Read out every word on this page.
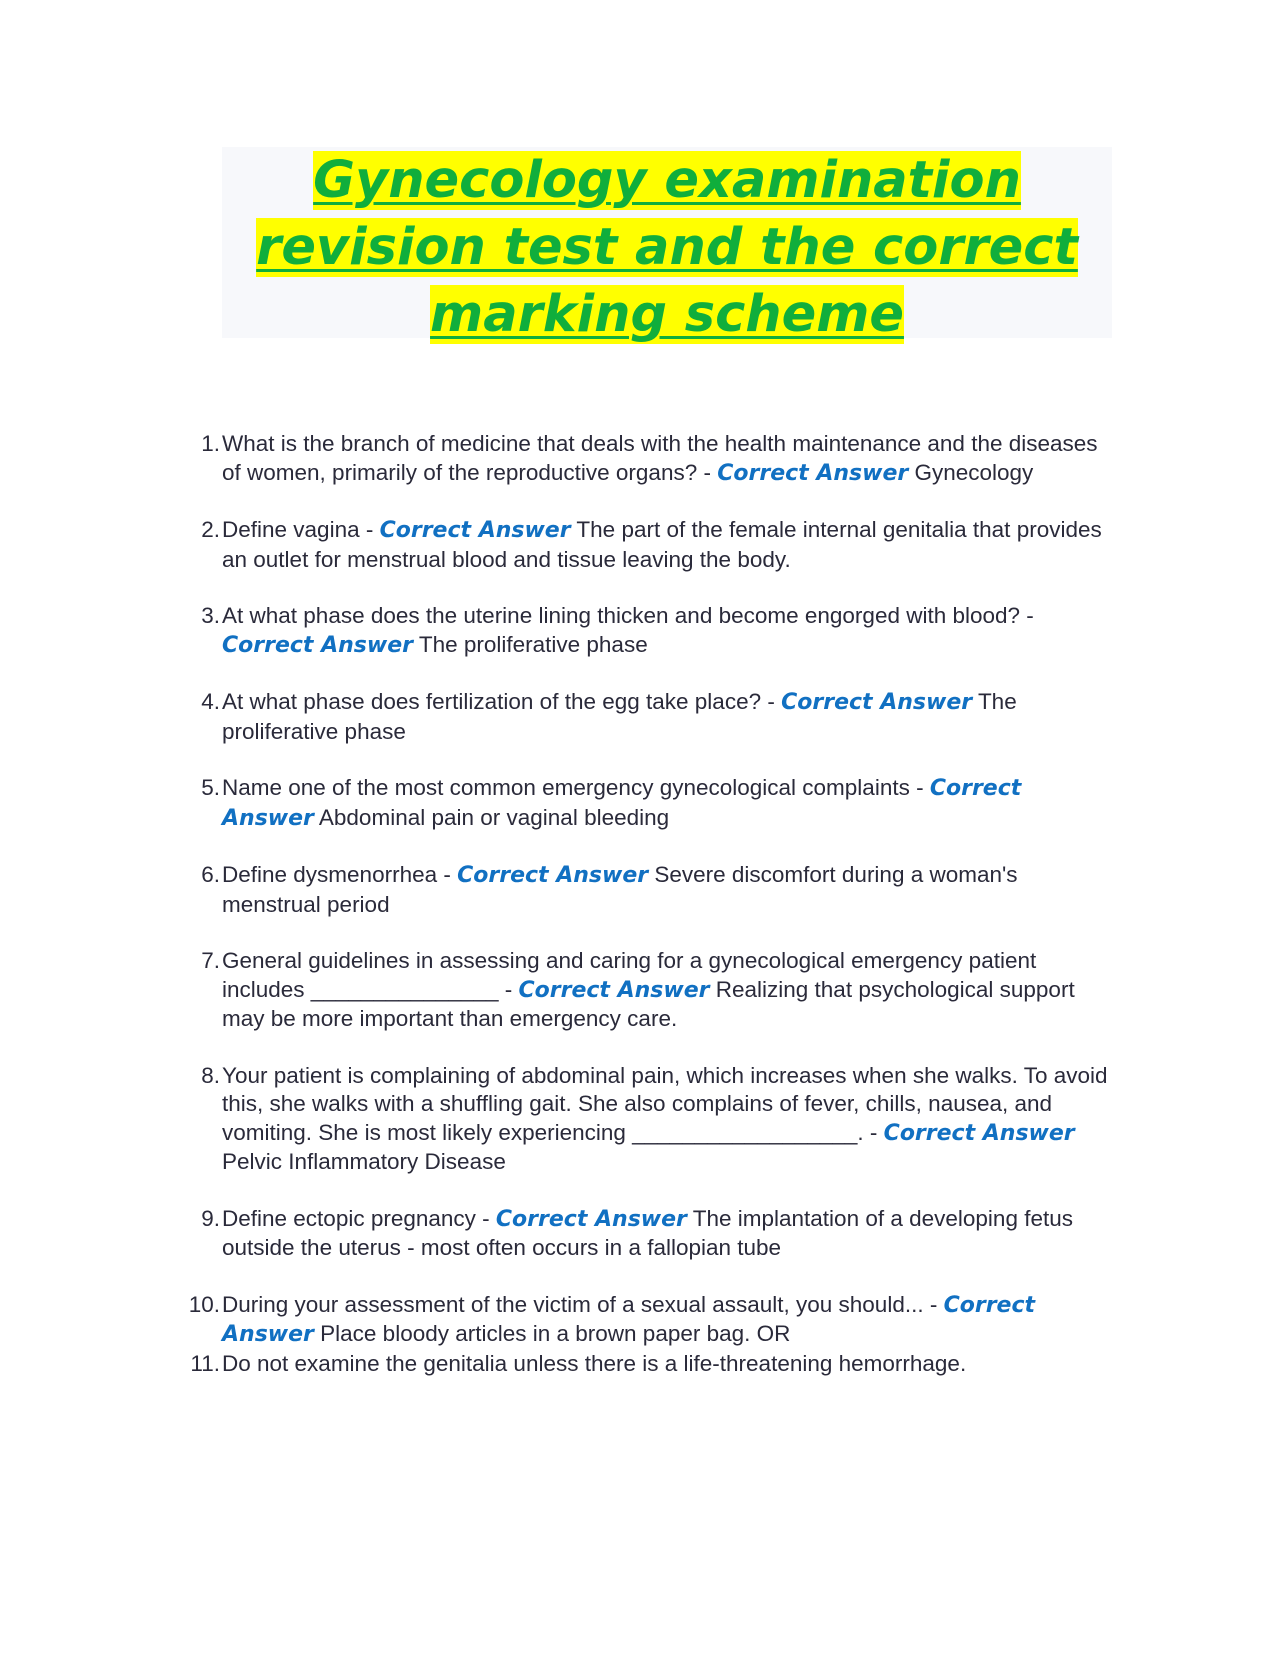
Gynecology examination
revision test and the correct
marking scheme
1. What is the branch of medicine that deals with the health maintenance and the diseases of women, primarily of the reproductive organs? - Correct Answer Gynecology
2. Define vagina - Correct Answer The part of the female internal genitalia that provides an outlet for menstrual blood and tissue leaving the body.
3. At what phase does the uterine lining thicken and become engorged with blood? - Correct Answer The proliferative phase
4. At what phase does fertilization of the egg take place? - Correct Answer The proliferative phase
5. Name one of the most common emergency gynecological complaints - Correct Answer Abdominal pain or vaginal bleeding
6. Define dysmenorrhea - Correct Answer Severe discomfort during a woman's menstrual period
7. General guidelines in assessing and caring for a gynecological emergency patient includes _______________ - Correct Answer Realizing that psychological support may be more important than emergency care.
8. Your patient is complaining of abdominal pain, which increases when she walks. To avoid this, she walks with a shuffling gait. She also complains of fever, chills, nausea, and vomiting. She is most likely experiencing __________________. - Correct Answer Pelvic Inflammatory Disease
9. Define ectopic pregnancy - Correct Answer The implantation of a developing fetus outside the uterus - most often occurs in a fallopian tube
10. During your assessment of the victim of a sexual assault, you should... - Correct Answer Place bloody articles in a brown paper bag. OR
11. Do not examine the genitalia unless there is a life-threatening hemorrhage.
